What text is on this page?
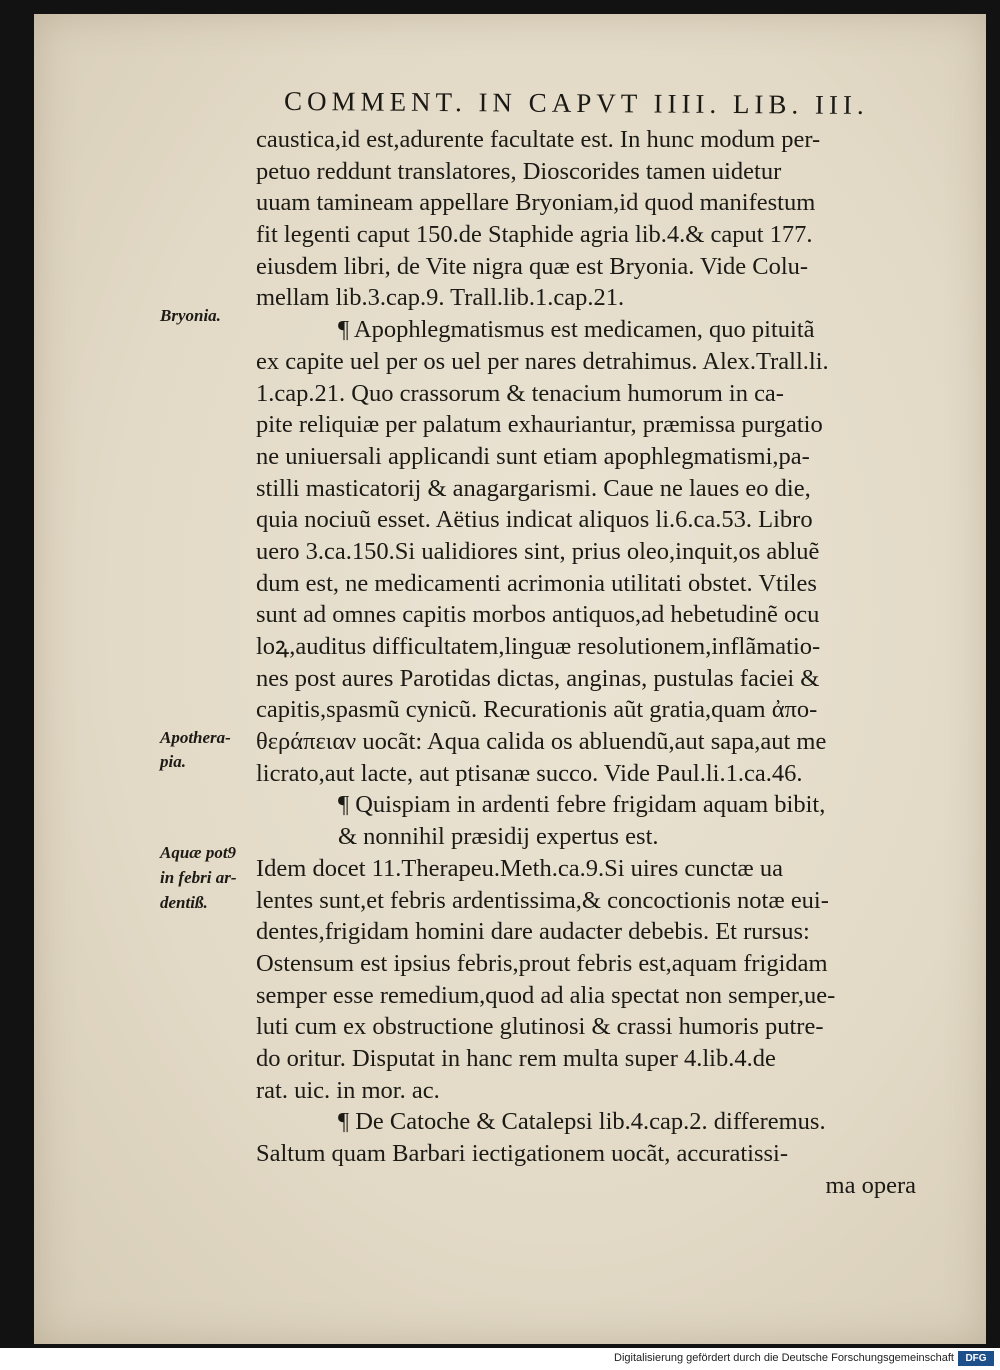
COMMENT. IN CAPVT IIII. LIB. III.
caustica,id est,adurente facultate est. In hunc modum per-
petuo reddunt translatores, Dioscorides tamen uidetur
uuam tamineam appellare Bryoniam,id quod manifestum
fit legenti caput 150.de Staphide agria lib.4.& caput 177.
eiusdem libri, de Vite nigra quæ est Bryonia. Vide Colu-
mellam lib.3.cap.9. Trall.lib.1.cap.21.
¶ Apophlegmatismus est medicamen, quo pituitã
ex capite uel per os uel per nares detrahimus. Alex.Trall.li.
1.cap.21. Quo crassorum & tenacium humorum in ca-
pite reliquiæ per palatum exhauriantur, præmissa purgatio
ne uniuersali applicandi sunt etiam apophlegmatismi,pa-
stilli masticatorij & anagargarismi. Caue ne laues eo die,
quia nociuũ esset. Aëtius indicat aliquos li.6.ca.53. Libro
uero 3.ca.150.Si ualidiores sint, prius oleo,inquit,os abluẽ
dum est, ne medicamenti acrimonia utilitati obstet. Vtiles
sunt ad omnes capitis morbos antiquos,ad hebetudinẽ ocu
loꝝ,auditus difficultatem,linguæ resolutionem,inflãmatio-
nes post aures Parotidas dictas, anginas, pustulas faciei &
capitis,spasmũ cynicũ. Recurationis aũt gratia,quam ἀπο-
θεράπειαν uocãt: Aqua calida os abluendũ,aut sapa,aut me
licrato,aut lacte, aut ptisanæ succo. Vide Paul.li.1.ca.46.
¶ Quispiam in ardenti febre frigidam aquam bibit,
& nonnihil præsidij expertus est.
Idem docet 11.Therapeu.Meth.ca.9.Si uires cunctæ ua
lentes sunt,et febris ardentissima,& concoctionis notæ eui-
dentes,frigidam homini dare audacter debebis. Et rursus:
Ostensum est ipsius febris,prout febris est,aquam frigidam
semper esse remedium,quod ad alia spectat non semper,ue-
luti cum ex obstructione glutinosi & crassi humoris putre-
do oritur. Disputat in hanc rem multa super 4.lib.4.de
rat. uic. in mor. ac.
¶ De Catoche & Catalepsi lib.4.cap.2. differemus.
Saltum quam Barbari iectigationem uocãt, accuratissi-
ma opera
Bryonia.
Apothera-
pia.
Aquæ pot9
in febri ar-
dentiß.
Digitalisierung gefördert durch die Deutsche Forschungsgemeinschaft	DFG
